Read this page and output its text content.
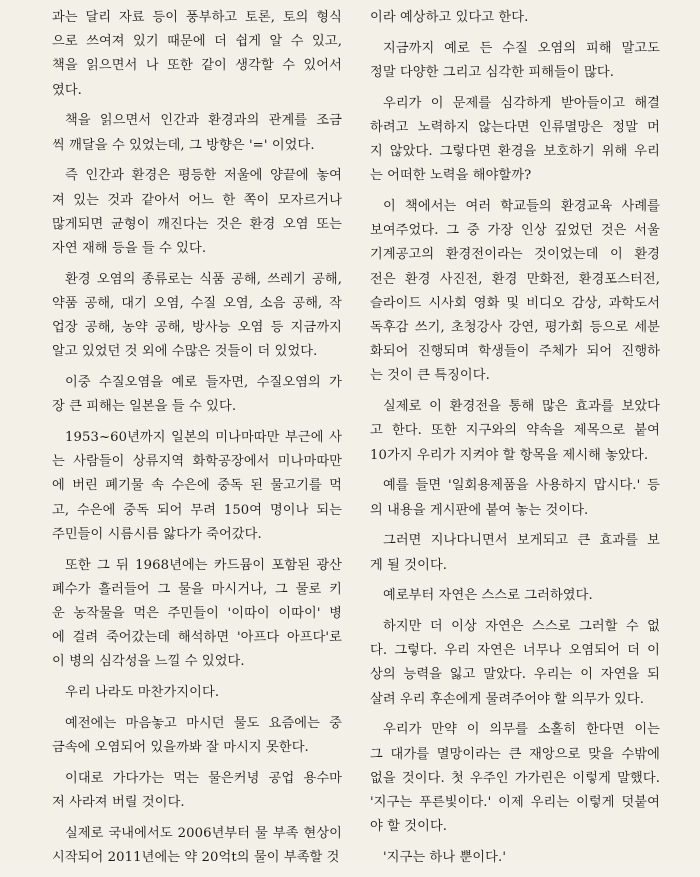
과는 달리 자료 등이 풍부하고 토론, 토의 형식
으로 쓰여져 있기 때문에 더 쉽게 알 수 있고,
책을 읽으면서 나 또한 같이 생각할 수 있어서
였다.
책을 읽으면서 인간과 환경과의 관계를 조금
씩 깨달을 수 있었는데, 그 방향은 '=' 이었다.
즉 인간과 환경은 평등한 저울에 양끝에 놓여
져 있는 것과 같아서 어느 한 쪽이 모자르거나
많게되면 균형이 깨진다는 것은 환경 오염 또는
자연 재해 등을 들 수 있다.
환경 오염의 종류로는 식품 공해, 쓰레기 공해,
약품 공해, 대기 오염, 수질 오염, 소음 공해, 작
업장 공해, 농약 공해, 방사능 오염 등 지금까지
알고 있었던 것 외에 수많은 것들이 더 있었다.
이중 수질오염을 예로 들자면, 수질오염의 가
장 큰 피해는 일본을 들 수 있다.
1953~60년까지 일본의 미나마따만 부근에 사
는 사람들이 상류지역 화학공장에서 미나마따만
에 버린 폐기물 속 수은에 중독 된 물고기를 먹
고, 수은에 중독 되어 무려 150여 명이나 되는
주민들이 시름시름 앓다가 죽어갔다.
또한 그 뒤 1968년에는 카드뮴이 포함된 광산
폐수가 흘러들어 그 물을 마시거나, 그 물로 키
운 농작물을 먹은 주민들이 '이따이 이따이' 병
에 걸려 죽어갔는데 해석하면 '아프다 아프다'로
이 병의 심각성을 느낄 수 있었다.
우리 나라도 마찬가지이다.
예전에는 마음놓고 마시던 물도 요즘에는 중
금속에 오염되어 있을까봐 잘 마시지 못한다.
이대로 가다가는 먹는 물은커녕 공업 용수마
저 사라져 버릴 것이다.
실제로 국내에서도 2006년부터 물 부족 현상이
시작되어 2011년에는 약 20억t의 물이 부족할 것
이라 예상하고 있다고 한다.
지금까지 예로 든 수질 오염의 피해 말고도
정말 다양한 그리고 심각한 피해들이 많다.
우리가 이 문제를 심각하게 받아들이고 해결
하려고 노력하지 않는다면 인류멸망은 정말 머
지 않았다. 그렇다면 환경을 보호하기 위해 우리
는 어떠한 노력을 해야할까?
이 책에서는 여러 학교들의 환경교육 사례를
보여주었다. 그 중 가장 인상 깊었던 것은 서울
기계공고의 환경전이라는 것이었는데 이 환경
전은 환경 사진전, 환경 만화전, 환경포스터전,
슬라이드 시사회 영화 및 비디오 감상, 과학도서
독후감 쓰기, 초청강사 강연, 평가회 등으로 세분
화되어 진행되며 학생들이 주체가 되어 진행하
는 것이 큰 특징이다.
실제로 이 환경전을 통해 많은 효과를 보았다
고 한다. 또한 지구와의 약속을 제목으로 붙여
10가지 우리가 지켜야 할 항목을 제시해 놓았다.
예를 들면 '일회용제품을 사용하지 맙시다.' 등
의 내용을 게시판에 붙여 놓는 것이다.
그러면 지나다니면서 보게되고 큰 효과를 보
게 될 것이다.
예로부터 자연은 스스로 그러하였다.
하지만 더 이상 자연은 스스로 그러할 수 없
다. 그렇다. 우리 자연은 너무나 오염되어 더 이
상의 능력을 잃고 말았다. 우리는 이 자연을 되
살려 우리 후손에게 물려주어야 할 의무가 있다.
우리가 만약 이 의무를 소홀히 한다면 이는
그 대가를 멸망이라는 큰 재앙으로 맞을 수밖에
없을 것이다. 첫 우주인 가가린은 이렇게 말했다.
'지구는 푸른빛이다.' 이제 우리는 이렇게 덧붙여
야 할 것이다.
'지구는 하나 뿐이다.'
